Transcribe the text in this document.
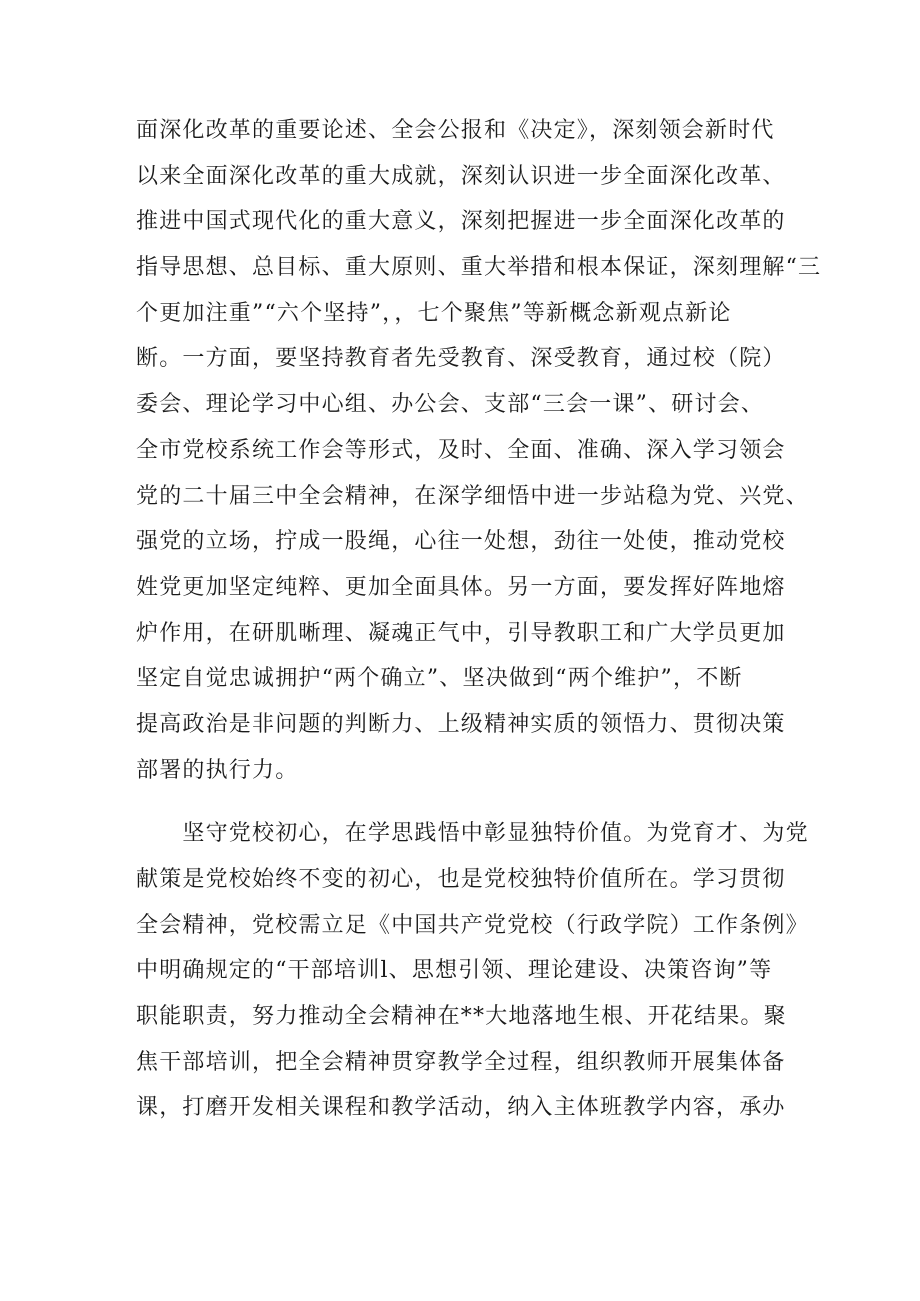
面深化改革的重要论述、全会公报和《决定》，深刻领会新时代
以来全面深化改革的重大成就，深刻认识进一步全面深化改革、
推进中国式现代化的重大意义，深刻把握进一步全面深化改革的
指导思想、总目标、重大原则、重大举措和根本保证，深刻理解“三
个更加注重”“六个坚持”，，七个聚焦”等新概念新观点新论
断。一方面，要坚持教育者先受教育、深受教育，通过校（院）
委会、理论学习中心组、办公会、支部“三会一课”、研讨会、
全市党校系统工作会等形式，及时、全面、准确、深入学习领会
党的二十届三中全会精神，在深学细悟中进一步站稳为党、兴党、
强党的立场，拧成一股绳，心往一处想，劲往一处使，推动党校
姓党更加坚定纯粹、更加全面具体。另一方面，要发挥好阵地熔
炉作用，在研肌晰理、凝魂正气中，引导教职工和广大学员更加
坚定自觉忠诚拥护“两个确立”、坚决做到“两个维护”，不断
提高政治是非问题的判断力、上级精神实质的领悟力、贯彻决策
部署的执行力。
　　坚守党校初心，在学思践悟中彰显独特价值。为党育才、为党
献策是党校始终不变的初心，也是党校独特价值所在。学习贯彻
全会精神，党校需立足《中国共产党党校（行政学院）工作条例》
中明确规定的“干部培训l、思想引领、理论建设、决策咨询”等
职能职责，努力推动全会精神在**大地落地生根、开花结果。聚
焦干部培训，把全会精神贯穿教学全过程，组织教师开展集体备
课，打磨开发相关课程和教学活动，纳入主体班教学内容，承办
